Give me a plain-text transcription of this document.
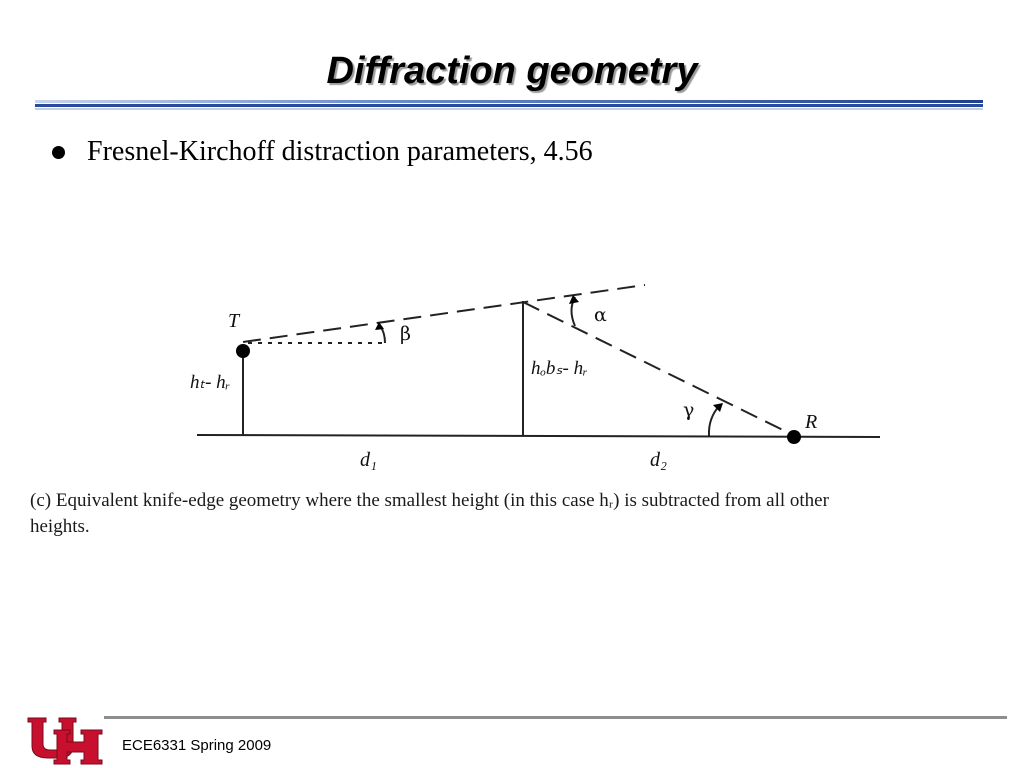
Diffraction geometry
Fresnel-Kirchoff distraction parameters, 4.56
T
R
hₜ- hᵣ
hₒbₛ- hᵣ
β
α
γ
d₁	d₂
(c) Equivalent knife-edge geometry where the smallest height (in this case hᵣ) is subtracted from all other
heights.
ECE6331 Spring 2009
